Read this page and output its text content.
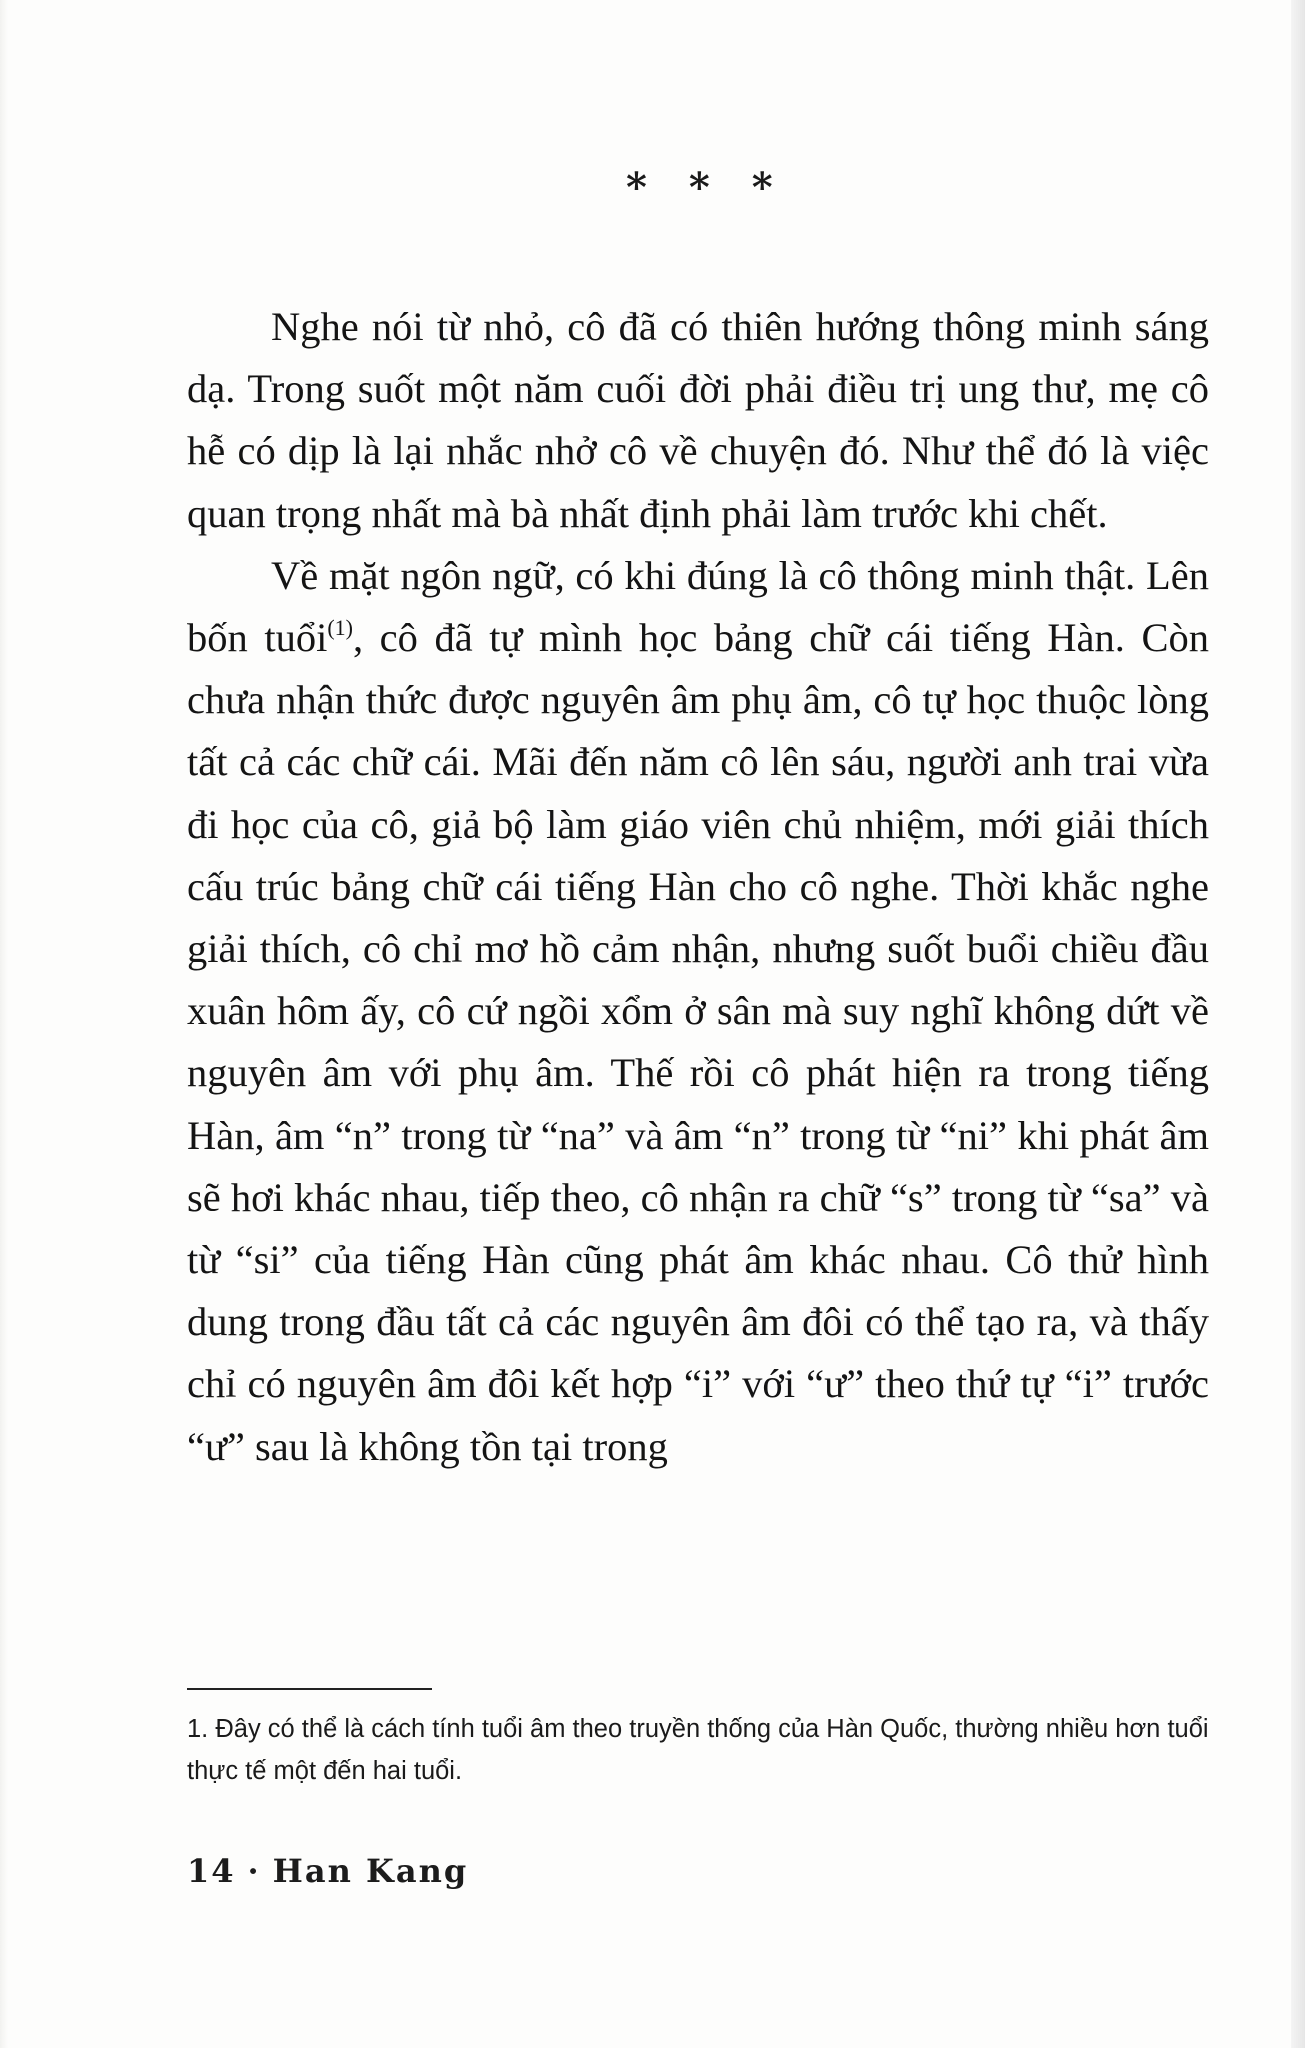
* * *

Nghe nói từ nhỏ, cô đã có thiên hướng thông minh sáng dạ. Trong suốt một năm cuối đời phải điều trị ung thư, mẹ cô hễ có dịp là lại nhắc nhở cô về chuyện đó. Như thể đó là việc quan trọng nhất mà bà nhất định phải làm trước khi chết.

Về mặt ngôn ngữ, có khi đúng là cô thông minh thật. Lên bốn tuổi$^{(1)}$, cô đã tự mình học bảng chữ cái tiếng Hàn. Còn chưa nhận thức được nguyên âm phụ âm, cô tự học thuộc lòng tất cả các chữ cái. Mãi đến năm cô lên sáu, người anh trai vừa đi học của cô, giả bộ làm giáo viên chủ nhiệm, mới giải thích cấu trúc bảng chữ cái tiếng Hàn cho cô nghe. Thời khắc nghe giải thích, cô chỉ mơ hồ cảm nhận, nhưng suốt buổi chiều đầu xuân hôm ấy, cô cứ ngồi xổm ở sân mà suy nghĩ không dứt về nguyên âm với phụ âm. Thế rồi cô phát hiện ra trong tiếng Hàn, âm “n” trong từ “na” và âm “n” trong từ “ni” khi phát âm sẽ hơi khác nhau, tiếp theo, cô nhận ra chữ “s” trong từ “sa” và từ “si” của tiếng Hàn cũng phát âm khác nhau. Cô thử hình dung trong đầu tất cả các nguyên âm đôi có thể tạo ra, và thấy chỉ có nguyên âm đôi kết hợp “i” với “ư” theo thứ tự “i” trước “ư” sau là không tồn tại trong

1. Đây có thể là cách tính tuổi âm theo truyền thống của Hàn Quốc, thường nhiều hơn tuổi thực tế một đến hai tuổi.

14 · Han Kang
